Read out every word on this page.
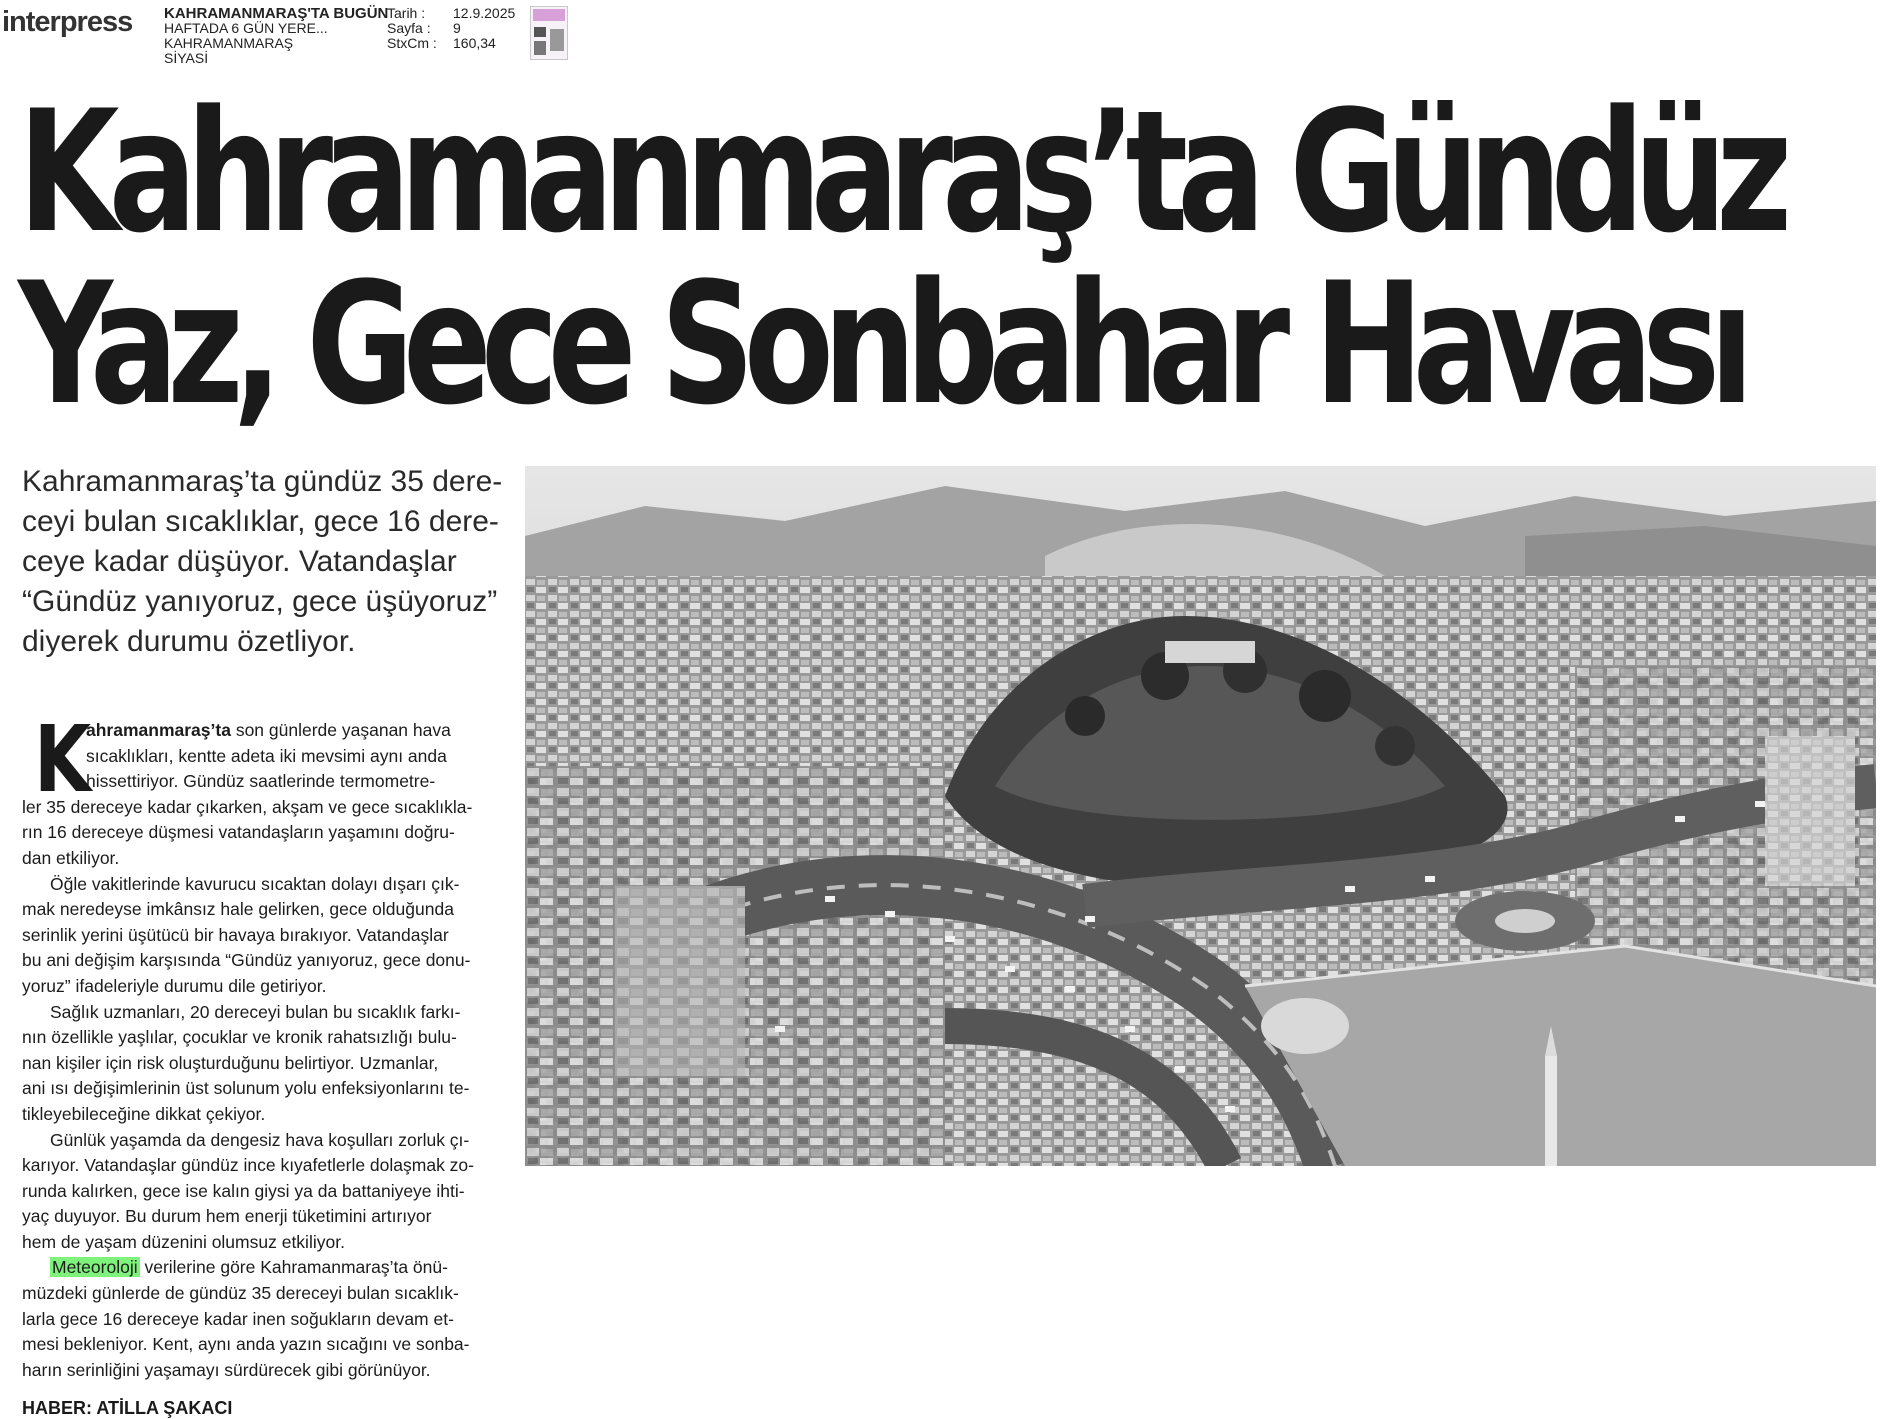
interpress KAHRAMANMARAŞ'TA BUGÜN
HAFTADA 6 GÜN YERE...
KAHRAMANMARAŞ
SİYASİ
Tarih :	12.9.2025
Sayfa :	9
StxCm :	160,34
Kahramanmaraş’ta Gündüz
Yaz, Gece Sonbahar Havası
Kahramanmaraş’ta gündüz 35 dere-
ceyi bulan sıcaklıklar, gece 16 dere-
ceye kadar düşüyor. Vatandaşlar
“Gündüz yanıyoruz, gece üşüyoruz”
diyerek durumu özetliyor.
K
ahramanmaraş’ta son günlerde yaşanan hava
sıcaklıkları, kentte adeta iki mevsimi aynı anda
hissettiriyor. Gündüz saatlerinde termometre-
ler 35 dereceye kadar çıkarken, akşam ve gece sıcaklıkla-
rın 16 dereceye düşmesi vatandaşların yaşamını doğru-
dan etkiliyor.
Öğle vakitlerinde kavurucu sıcaktan dolayı dışarı çık-
mak neredeyse imkânsız hale gelirken, gece olduğunda
serinlik yerini üşütücü bir havaya bırakıyor. Vatandaşlar
bu ani değişim karşısında “Gündüz yanıyoruz, gece donu-
yoruz” ifadeleriyle durumu dile getiriyor.
Sağlık uzmanları, 20 dereceyi bulan bu sıcaklık farkı-
nın özellikle yaşlılar, çocuklar ve kronik rahatsızlığı bulu-
nan kişiler için risk oluşturduğunu belirtiyor. Uzmanlar,
ani ısı değişimlerinin üst solunum yolu enfeksiyonlarını te-
tikleyebileceğine dikkat çekiyor.
Günlük yaşamda da dengesiz hava koşulları zorluk çı-
karıyor. Vatandaşlar gündüz ince kıyafetlerle dolaşmak zo-
runda kalırken, gece ise kalın giysi ya da battaniyeye ihti-
yaç duyuyor. Bu durum hem enerji tüketimini artırıyor
hem de yaşam düzenini olumsuz etkiliyor.
Meteoroloji verilerine göre Kahramanmaraş’ta önü-
müzdeki günlerde de gündüz 35 dereceyi bulan sıcaklık-
larla gece 16 dereceye kadar inen soğukların devam et-
mesi bekleniyor. Kent, aynı anda yazın sıcağını ve sonba-
harın serinliğini yaşamayı sürdürecek gibi görünüyor.
HABER: ATİLLA ŞAKACI
